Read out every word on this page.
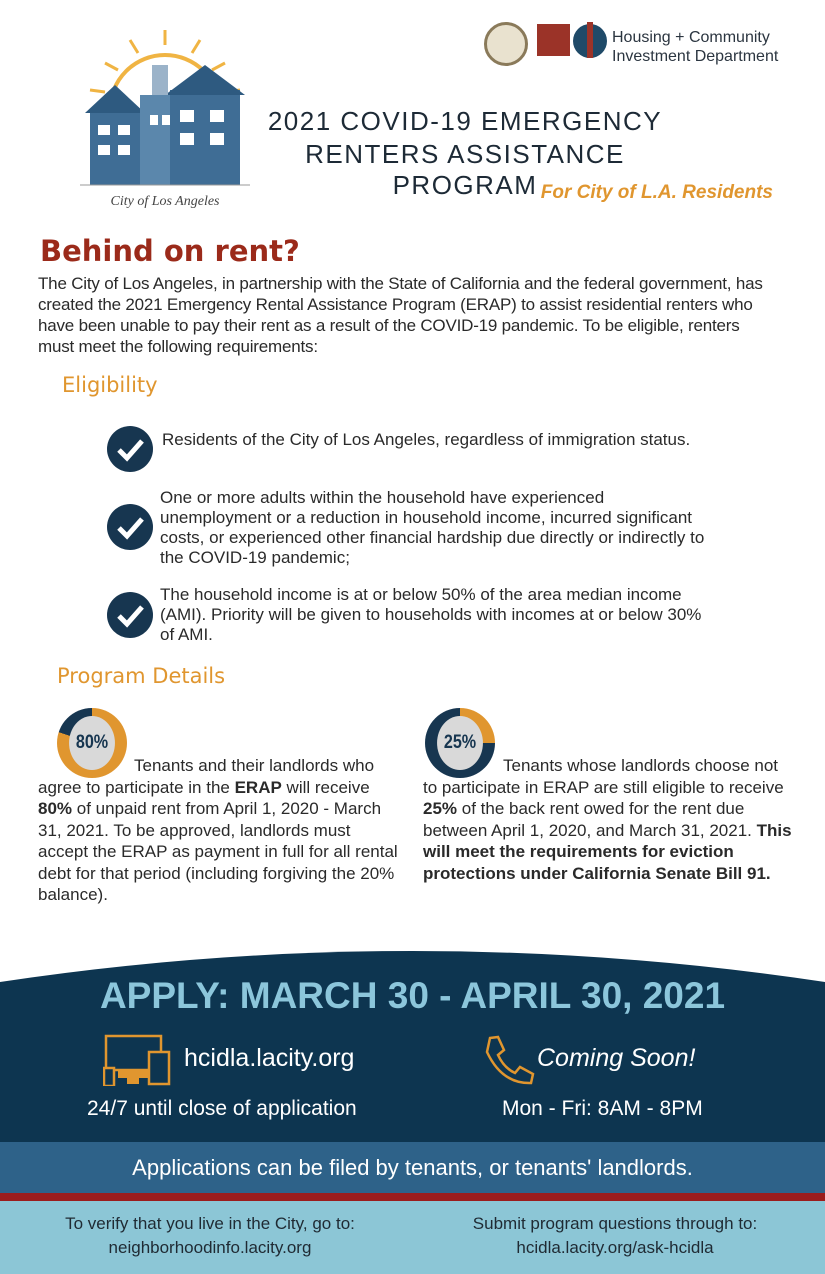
City of Los Angeles
Housing + Community
Investment Department
2021 COVID-19 EMERGENCY
RENTERS ASSISTANCE PROGRAM For City of L.A. Residents
Behind on rent?
The City of Los Angeles, in partnership with the State of California and the federal government, has created the 2021 Emergency Rental Assistance Program (ERAP) to assist residential renters who have been unable to pay their rent as a result of the COVID-19 pandemic. To be eligible, renters must meet the following requirements:
Eligibility
Residents of the City of Los Angeles, regardless of immigration status.
One or more adults within the household have experienced unemployment or a reduction in household income, incurred significant costs, or experienced other financial hardship due directly or indirectly to the COVID-19 pandemic;
The household income is at or below 50% of the area median income (AMI). Priority will be given to households with incomes at or below 30% of AMI.
Program Details
80%
Tenants and their landlords who agree to participate in the ERAP will receive 80% of unpaid rent from April 1, 2020 - March 31, 2021. To be approved, landlords must accept the ERAP as payment in full for all rental debt for that period (including forgiving the 20% balance).
25%
Tenants whose landlords choose not to participate in ERAP are still eligible to receive 25% of the back rent owed for the rent due between April 1, 2020, and March 31, 2021. This will meet the requirements for eviction protections under California Senate Bill 91.
APPLY: MARCH 30 - APRIL 30, 2021
hcidla.lacity.org
24/7 until close of application
Coming Soon!
Mon - Fri: 8AM - 8PM
Applications can be filed by tenants, or tenants' landlords.
To verify that you live in the City, go to:
neighborhoodinfo.lacity.org
Submit program questions through to:
hcidla.lacity.org/ask-hcidla
